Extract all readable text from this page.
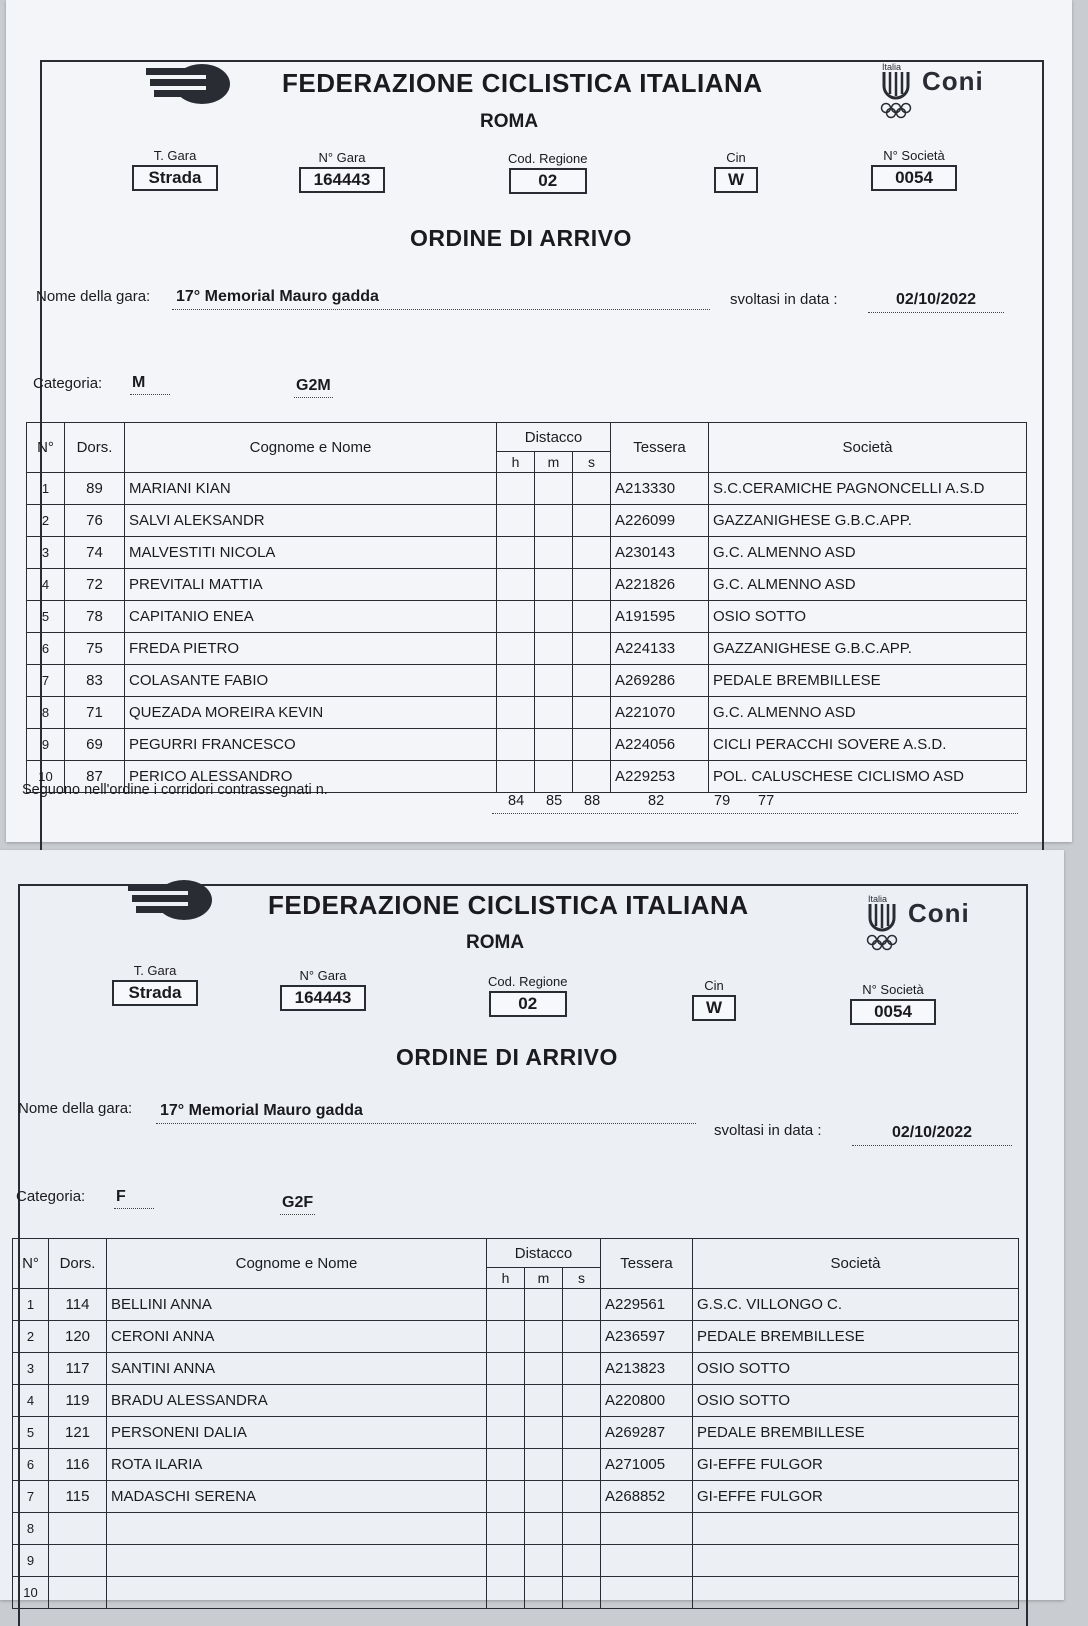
FEDERAZIONE CICLISTICA ITALIANA
ROMA
Italia Coni
T. Gara
Strada
N° Gara
164443
Cod. Regione
02
Cin
W
N° Società
0054
ORDINE DI ARRIVO
Nome della gara: 17° Memorial Mauro gadda	svoltasi in data :	02/10/2022
Categoria: M	G2M
N°	Dors.	Cognome e Nome	Distacco			Tessera	Società
			h	m	s		
1	89	MARIANI KIAN				A213330	S.C.CERAMICHE PAGNONCELLI A.S.D
2	76	SALVI ALEKSANDR				A226099	GAZZANIGHESE G.B.C.APP.
3	74	MALVESTITI NICOLA				A230143	G.C. ALMENNO ASD
4	72	PREVITALI MATTIA				A221826	G.C. ALMENNO ASD
5	78	CAPITANIO ENEA				A191595	OSIO SOTTO
6	75	FREDA PIETRO				A224133	GAZZANIGHESE G.B.C.APP.
7	83	COLASANTE FABIO				A269286	PEDALE BREMBILLESE
8	71	QUEZADA MOREIRA KEVIN				A221070	G.C. ALMENNO ASD
9	69	PEGURRI FRANCESCO				A224056	CICLI PERACCHI SOVERE A.S.D.
10	87	PERICO ALESSANDRO				A229253	POL. CALUSCHESE CICLISMO ASD
Seguono nell'ordine i corridori contrassegnati n.
84 85 88	82	79 77
FEDERAZIONE CICLISTICA ITALIANA
ROMA
Italia Coni
T. Gara
Strada
N° Gara
164443
Cod. Regione
02
Cin
W
N° Società
0054
ORDINE DI ARRIVO
Nome della gara: 17° Memorial Mauro gadda
svoltasi in data :	02/10/2022
Categoria: F	G2F
N°	Dors.	Cognome e Nome	Distacco			Tessera	Società
			h	m	s		
1	114	BELLINI ANNA				A229561	G.S.C. VILLONGO C.
2	120	CERONI ANNA				A236597	PEDALE BREMBILLESE
3	117	SANTINI ANNA				A213823	OSIO SOTTO
4	119	BRADU ALESSANDRA				A220800	OSIO SOTTO
5	121	PERSONENI DALIA				A269287	PEDALE BREMBILLESE
6	116	ROTA ILARIA				A271005	GI-EFFE FULGOR
7	115	MADASCHI SERENA				A268852	GI-EFFE FULGOR
8							
9							
10							
